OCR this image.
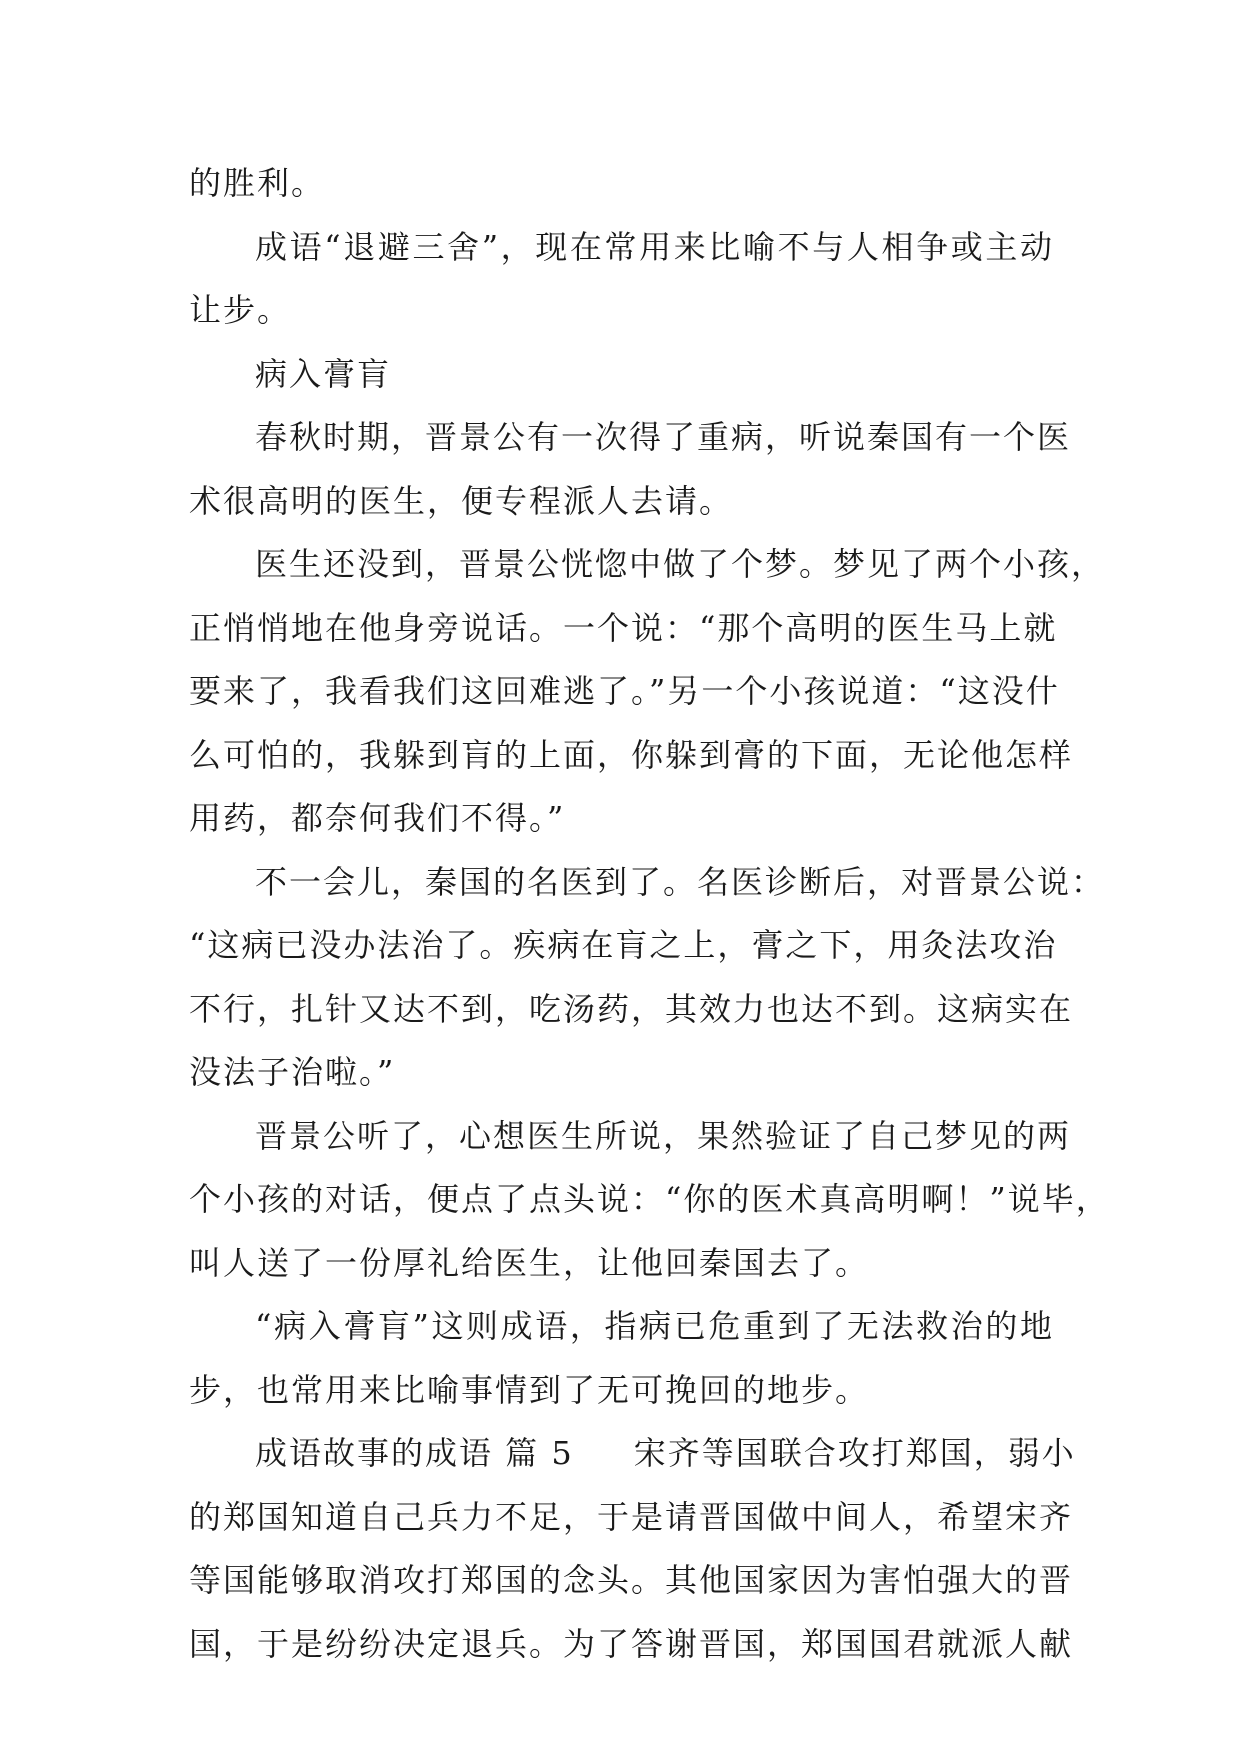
的胜利。
成语“退避三舍”，现在常用来比喻不与人相争或主动
让步。
病入膏肓
春秋时期，晋景公有一次得了重病，听说秦国有一个医
术很高明的医生，便专程派人去请。
医生还没到，晋景公恍惚中做了个梦。梦见了两个小孩，
正悄悄地在他身旁说话。一个说：“那个高明的医生马上就
要来了，我看我们这回难逃了。”另一个小孩说道：“这没什
么可怕的，我躲到肓的上面，你躲到膏的下面，无论他怎样
用药，都奈何我们不得。”
不一会儿，秦国的名医到了。名医诊断后，对晋景公说：
“这病已没办法治了。疾病在肓之上，膏之下，用灸法攻治
不行，扎针又达不到，吃汤药，其效力也达不到。这病实在
没法子治啦。”
晋景公听了，心想医生所说，果然验证了自己梦见的两
个小孩的对话，便点了点头说：“你的医术真高明啊！”说毕，
叫人送了一份厚礼给医生，让他回秦国去了。
“病入膏肓”这则成语，指病已危重到了无法救治的地
步，也常用来比喻事情到了无可挽回的地步。
成语故事的成语 篇 5 宋齐等国联合攻打郑国，弱小
的郑国知道自己兵力不足，于是请晋国做中间人，希望宋齐
等国能够取消攻打郑国的念头。其他国家因为害怕强大的晋
国，于是纷纷决定退兵。为了答谢晋国，郑国国君就派人献
